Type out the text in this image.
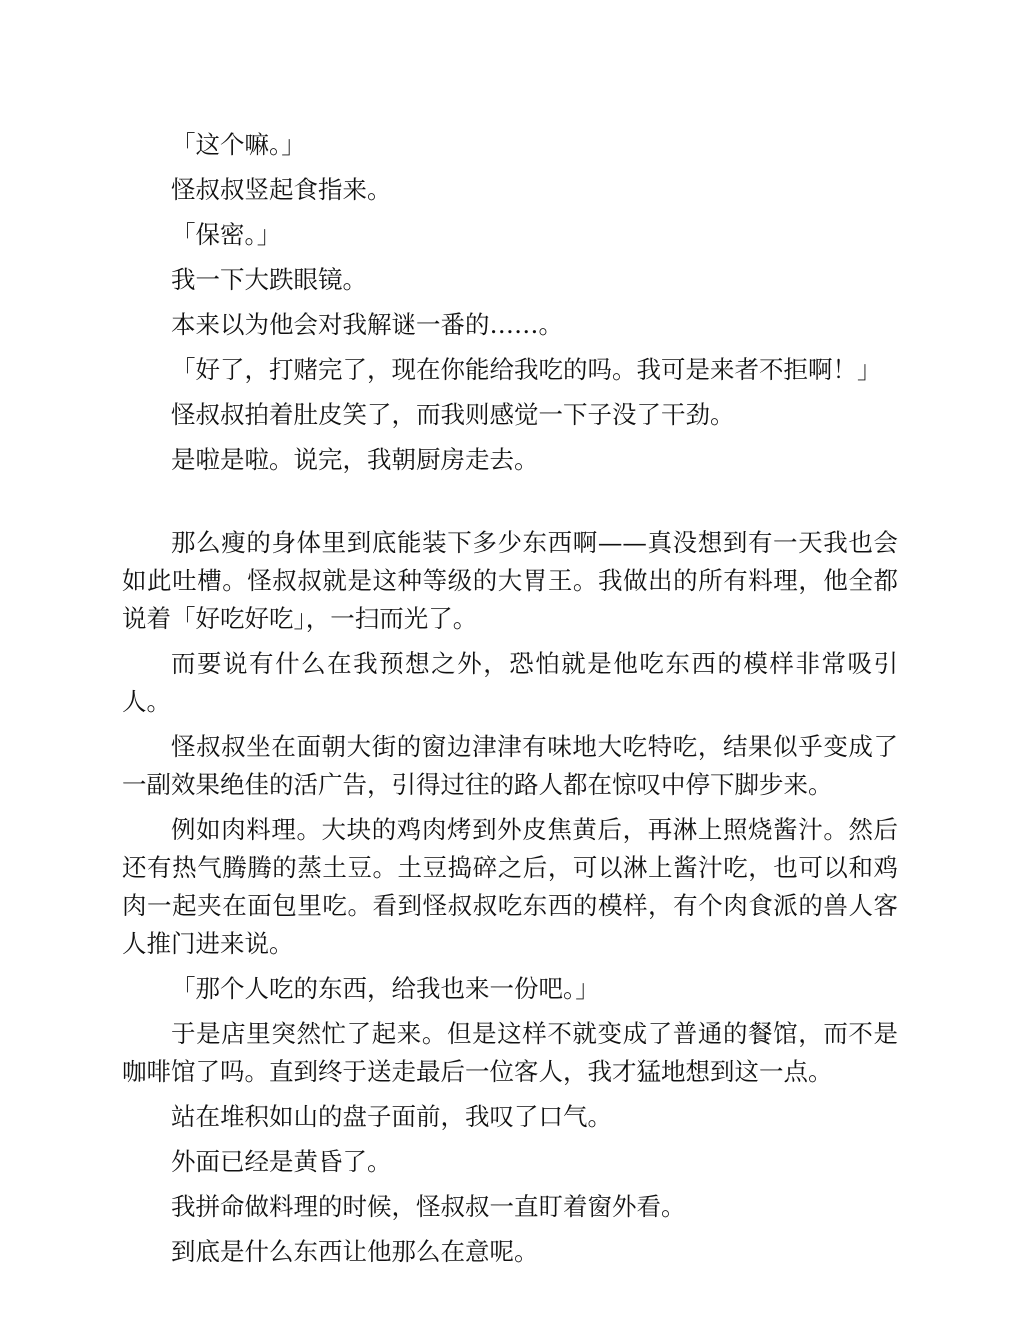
「这个嘛。」

怪叔叔竖起食指来。

「保密。」

我一下大跌眼镜。

本来以为他会对我解谜一番的……。

「好了，打赌完了，现在你能给我吃的吗。我可是来者不拒啊！」

怪叔叔拍着肚皮笑了，而我则感觉一下子没了干劲。

是啦是啦。说完，我朝厨房走去。

那么瘦的身体里到底能装下多少东西啊——真没想到有一天我也会如此吐槽。怪叔叔就是这种等级的大胃王。我做出的所有料理，他全都说着「好吃好吃」，一扫而光了。

而要说有什么在我预想之外，恐怕就是他吃东西的模样非常吸引人。

怪叔叔坐在面朝大街的窗边津津有味地大吃特吃，结果似乎变成了一副效果绝佳的活广告，引得过往的路人都在惊叹中停下脚步来。

例如肉料理。大块的鸡肉烤到外皮焦黄后，再淋上照烧酱汁。然后还有热气腾腾的蒸土豆。土豆捣碎之后，可以淋上酱汁吃，也可以和鸡肉一起夹在面包里吃。看到怪叔叔吃东西的模样，有个肉食派的兽人客人推门进来说。

「那个人吃的东西，给我也来一份吧。」

于是店里突然忙了起来。但是这样不就变成了普通的餐馆，而不是咖啡馆了吗。直到终于送走最后一位客人，我才猛地想到这一点。

站在堆积如山的盘子面前，我叹了口气。

外面已经是黄昏了。

我拼命做料理的时候，怪叔叔一直盯着窗外看。

到底是什么东西让他那么在意呢。
